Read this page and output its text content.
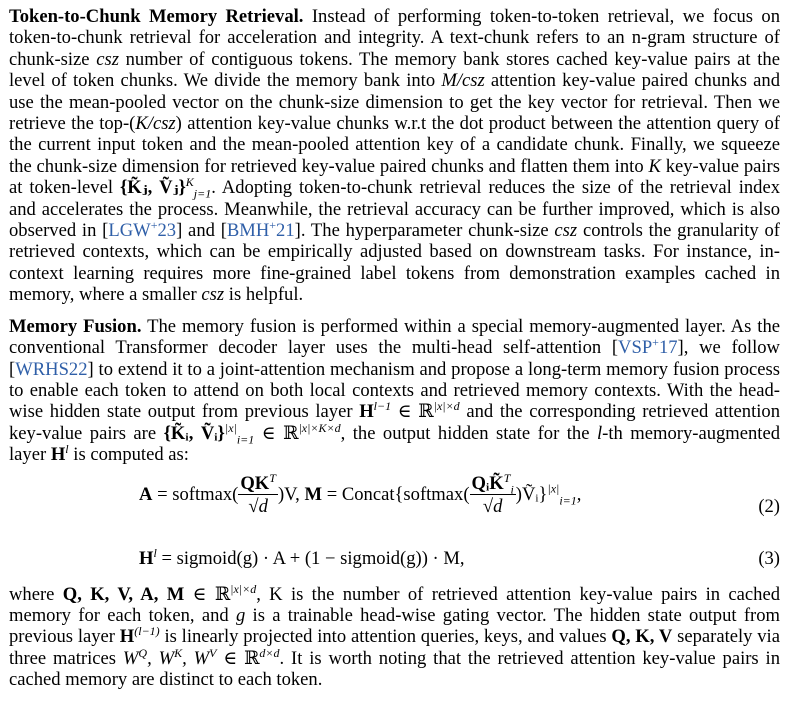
Token-to-Chunk Memory Retrieval. Instead of performing token-to-token retrieval, we focus on token-to-chunk retrieval for acceleration and integrity. A text-chunk refers to an n-gram structure of chunk-size csz number of contiguous tokens. The memory bank stores cached key-value pairs at the level of token chunks. We divide the memory bank into M/csz attention key-value paired chunks and use the mean-pooled vector on the chunk-size dimension to get the key vector for retrieval. Then we retrieve the top-(K/csz) attention key-value chunks w.r.t the dot product between the attention query of the current input token and the mean-pooled attention key of a candidate chunk. Finally, we squeeze the chunk-size dimension for retrieved key-value paired chunks and flatten them into K key-value pairs at token-level {K̃ⱼ, Ṽⱼ}$^K_{j=1}$. Adopting token-to-chunk retrieval reduces the size of the retrieval index and accelerates the process. Meanwhile, the retrieval accuracy can be further improved, which is also observed in [LGW+23] and [BMH+21]. The hyperparameter chunk-size csz controls the granularity of retrieved contexts, which can be empirically adjusted based on downstream tasks. For instance, in-context learning requires more fine-grained label tokens from demonstration examples cached in memory, where a smaller csz is helpful.

Memory Fusion. The memory fusion is performed within a special memory-augmented layer. As the conventional Transformer decoder layer uses the multi-head self-attention [VSP+17], we follow [WRHS22] to extend it to a joint-attention mechanism and propose a long-term memory fusion process to enable each token to attend on both local contexts and retrieved memory contexts. With the head-wise hidden state output from previous layer $H^{l-1}$ ∈ ℝ$^{|x|\times d}$ and the corresponding retrieved attention key-value pairs are {K̃ᵢ, Ṽᵢ}$^{|x|}_{i=1}$ ∈ ℝ$^{|x|\times K\times d}$, the output hidden state for the l-th memory-augmented layer $H^l$ is computed as:

A = softmax( $\frac{QK^T}{√d} )V$, M = Concat{softmax( $\frac{QᵢK̃^T_i}{√d}$ )Ṽᵢ}$^{|x|}_{i=1}$,
(2)
$H^l$ = sigmoid(g) · A + (1 − sigmoid(g)) · M,	(3)

where Q, K, V, A, M ∈ ℝ$^{|x|\times d}$, K is the number of retrieved attention key-value pairs in cached memory for each token, and g is a trainable head-wise gating vector. The hidden state output from previous layer $H^{(l-1)}$ is linearly projected into attention queries, keys, and values Q, K, V separately via three matrices $W^Q$, $W^K$, $W^V$ ∈ ℝ$^{d\times d}$. It is worth noting that the retrieved attention key-value pairs in cached memory are distinct to each token.
